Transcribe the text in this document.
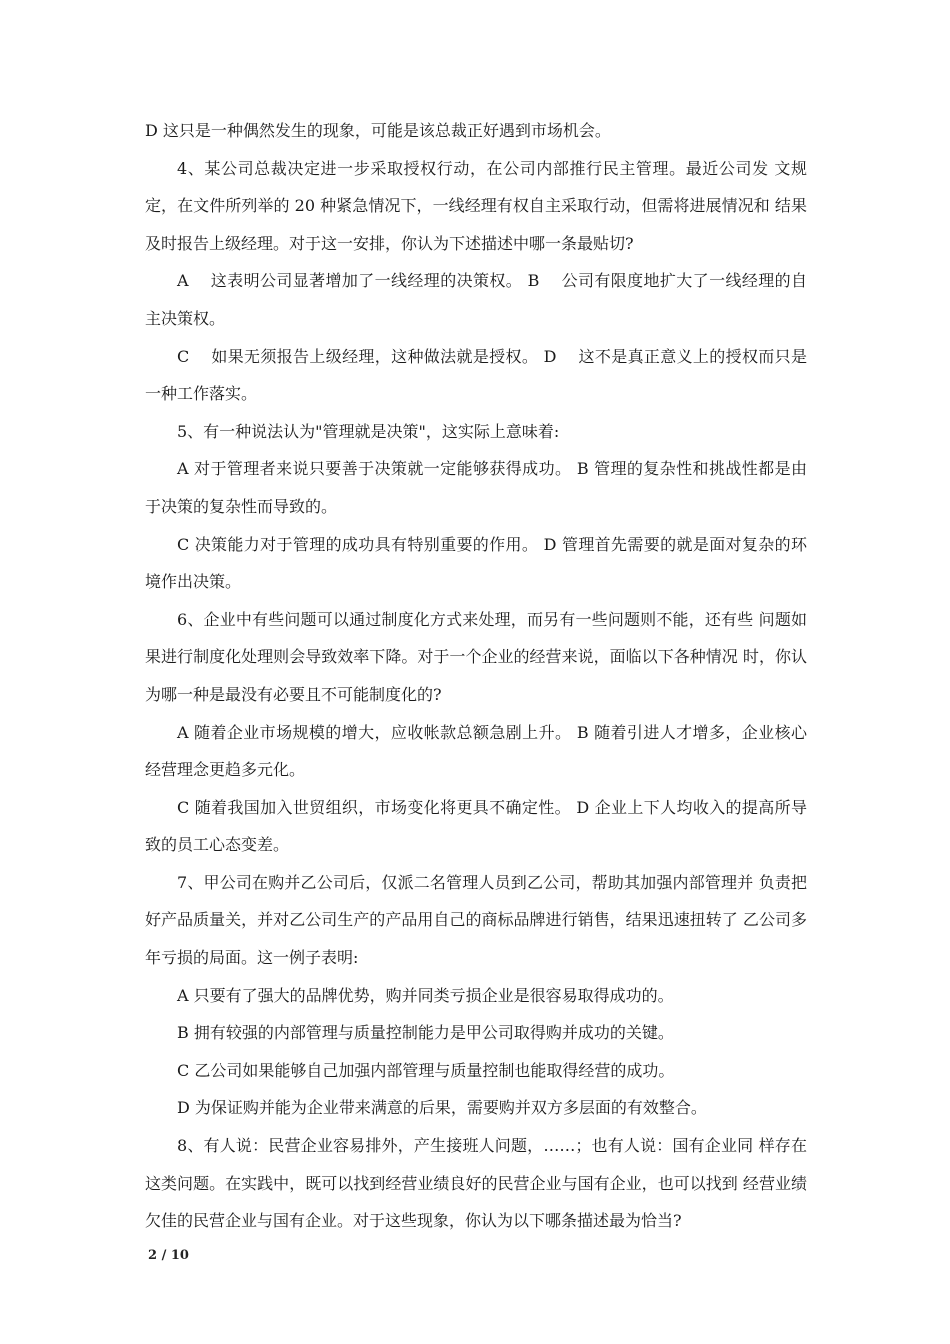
D 这只是一种偶然发生的现象，可能是该总裁正好遇到市场机会。

4、某公司总裁决定进一步采取授权行动，在公司内部推行民主管理。最近公司发 文规定，在文件所列举的 20 种紧急情况下，一线经理有权自主采取行动，但需将进展情况和 结果及时报告上级经理。对于这一安排，你认为下述描述中哪一条最贴切?

A　 这表明公司显著增加了一线经理的决策权。 B　 公司有限度地扩大了一线经理的自主决策权。

C　 如果无须报告上级经理，这种做法就是授权。 D　 这不是真正意义上的授权而只是一种工作落实。

5、有一种说法认为"管理就是决策"，这实际上意味着:

A 对于管理者来说只要善于决策就一定能够获得成功。 B 管理的复杂性和挑战性都是由于决策的复杂性而导致的。

C 决策能力对于管理的成功具有特别重要的作用。 D 管理首先需要的就是面对复杂的环境作出决策。

6、企业中有些问题可以通过制度化方式来处理，而另有一些问题则不能，还有些 问题如果进行制度化处理则会导致效率下降。对于一个企业的经营来说，面临以下各种情况 时，你认为哪一种是最没有必要且不可能制度化的?

A 随着企业市场规模的增大，应收帐款总额急剧上升。 B 随着引进人才增多，企业核心经营理念更趋多元化。

C 随着我国加入世贸组织，市场变化将更具不确定性。 D 企业上下人均收入的提高所导致的员工心态变差。

7、甲公司在购并乙公司后，仅派二名管理人员到乙公司，帮助其加强内部管理并 负责把好产品质量关，并对乙公司生产的产品用自己的商标品牌进行销售，结果迅速扭转了 乙公司多年亏损的局面。这一例子表明:

A 只要有了强大的品牌优势，购并同类亏损企业是很容易取得成功的。

B 拥有较强的内部管理与质量控制能力是甲公司取得购并成功的关键。

C 乙公司如果能够自己加强内部管理与质量控制也能取得经营的成功。

D 为保证购并能为企业带来满意的后果，需要购并双方多层面的有效整合。

8、有人说：民营企业容易排外，产生接班人问题，……；也有人说：国有企业同 样存在这类问题。在实践中，既可以找到经营业绩良好的民营企业与国有企业，也可以找到 经营业绩欠佳的民营企业与国有企业。对于这些现象，你认为以下哪条描述最为恰当?

2 / 10
